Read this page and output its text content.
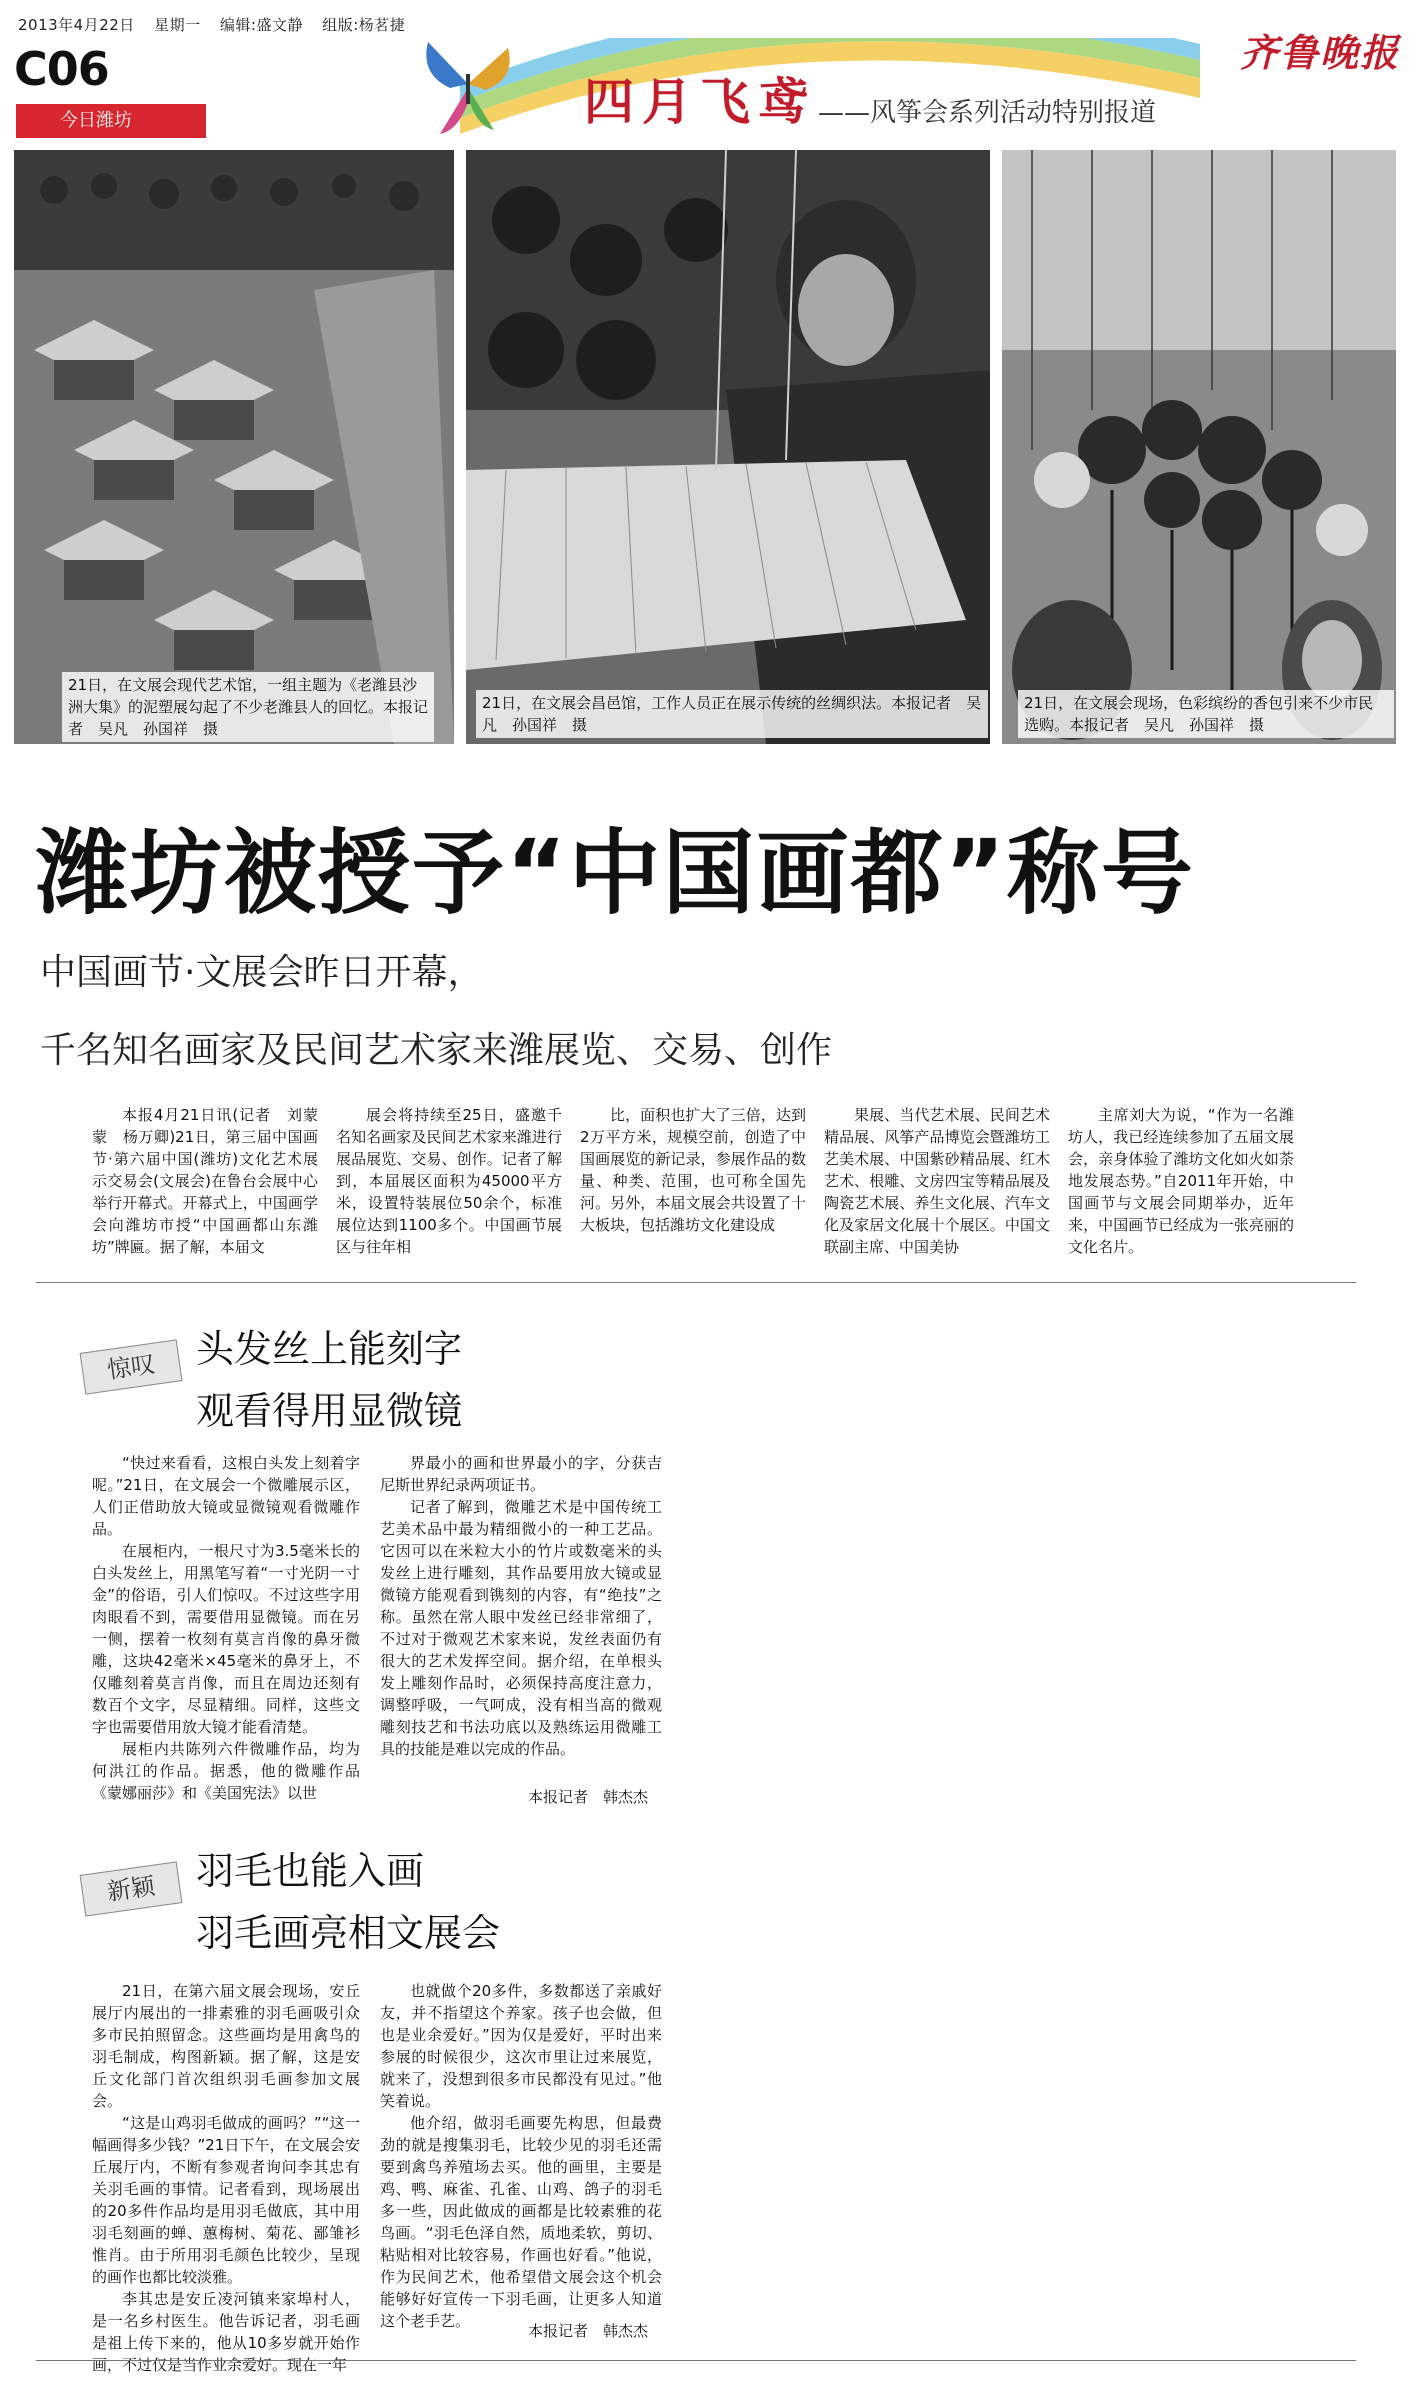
2013年4月22日 星期一 编辑:盛文静 组版:杨茗捷
C06
今日潍坊	四月飞鸢 ——风筝会系列活动特别报道
齐鲁晚报
21日，在文展会现代艺术馆，一组主题为《老潍县沙洲大集》的泥塑展勾起了不少老潍县人的回忆。本报记者　吴凡　孙国祥　摄
21日，在文展会昌邑馆，工作人员正在展示传统的丝绸织法。本报记者　吴凡　孙国祥　摄
21日，在文展会现场，色彩缤纷的香包引来不少市民选购。本报记者　吴凡　孙国祥　摄
潍坊被授予“中国画都”称号
中国画节·文展会昨日开幕，
千名知名画家及民间艺术家来潍展览、交易、创作

本报4月21日讯(记者　刘蒙蒙　杨万卿)21日，第三届中国画节·第六届中国(潍坊)文化艺术展示交易会(文展会)在鲁台会展中心举行开幕式。开幕式上，中国画学会向潍坊市授“中国画都山东潍坊”牌匾。据了解，本届文

展会将持续至25日，盛邀千名知名画家及民间艺术家来潍进行展品展览、交易、创作。记者了解到，本届展区面积为45000平方米，设置特装展位50余个，标准展位达到1100多个。中国画节展区与往年相

比，面积也扩大了三倍，达到2万平方米，规模空前，创造了中国画展览的新记录，参展作品的数量、种类、范围，也可称全国先河。另外，本届文展会共设置了十大板块，包括潍坊文化建设成

果展、当代艺术展、民间艺术精品展、风筝产品博览会暨潍坊工艺美术展、中国紫砂精品展、红木艺术、根雕、文房四宝等精品展及陶瓷艺术展、养生文化展、汽车文化及家居文化展十个展区。中国文联副主席、中国美协

主席刘大为说，“作为一名潍坊人，我已经连续参加了五届文展会，亲身体验了潍坊文化如火如荼地发展态势。”自2011年开始，中国画节与文展会同期举办，近年来，中国画节已经成为一张亮丽的文化名片。

惊叹	头发丝上能刻字
观看得用显微镜

“快过来看看，这根白头发上刻着字呢。”21日，在文展会一个微雕展示区，人们正借助放大镜或显微镜观看微雕作品。

在展柜内，一根尺寸为3.5毫米长的白头发丝上，用黑笔写着“一寸光阴一寸金”的俗语，引人们惊叹。不过这些字用肉眼看不到，需要借用显微镜。而在另一侧，摆着一枚刻有莫言肖像的鼻牙微雕，这块42毫米×45毫米的鼻牙上，不仅雕刻着莫言肖像，而且在周边还刻有数百个文字，尽显精细。同样，这些文字也需要借用放大镜才能看清楚。

展柜内共陈列六件微雕作品，均为何洪江的作品。据悉，他的微雕作品《蒙娜丽莎》和《美国宪法》以世

界最小的画和世界最小的字，分获吉尼斯世界纪录两项证书。

记者了解到，微雕艺术是中国传统工艺美术品中最为精细微小的一种工艺品。它因可以在米粒大小的竹片或数毫米的头发丝上进行雕刻，其作品要用放大镜或显微镜方能观看到镌刻的内容，有“绝技”之称。虽然在常人眼中发丝已经非常细了，不过对于微观艺术家来说，发丝表面仍有很大的艺术发挥空间。据介绍，在单根头发上雕刻作品时，必须保持高度注意力，调整呼吸，一气呵成，没有相当高的微观雕刻技艺和书法功底以及熟练运用微雕工具的技能是难以完成的作品。

本报记者　韩杰杰
新颖	羽毛也能入画
羽毛画亮相文展会

21日，在第六届文展会现场，安丘展厅内展出的一排素雅的羽毛画吸引众多市民拍照留念。这些画均是用禽鸟的羽毛制成，构图新颖。据了解，这是安丘文化部门首次组织羽毛画参加文展会。

“这是山鸡羽毛做成的画吗？”“这一幅画得多少钱？”21日下午，在文展会安丘展厅内，不断有参观者询问李其忠有关羽毛画的事情。记者看到，现场展出的20多件作品均是用羽毛做底，其中用羽毛刻画的蝉、蕙梅树、菊花、鄙雏衫惟肖。由于所用羽毛颜色比较少，呈现的画作也都比较淡雅。

李其忠是安丘凌河镇来家埠村人，是一名乡村医生。他告诉记者，羽毛画是祖上传下来的，他从10多岁就开始作画，不过仅是当作业余爱好。现在一年

也就做个20多件，多数都送了亲戚好友，并不指望这个养家。孩子也会做，但也是业余爱好。”因为仅是爱好，平时出来参展的时候很少，这次市里让过来展览，就来了，没想到很多市民都没有见过。”他笑着说。

他介绍，做羽毛画要先构思，但最费劲的就是搜集羽毛，比较少见的羽毛还需要到禽鸟养殖场去买。他的画里，主要是鸡、鸭、麻雀、孔雀、山鸡、鸽子的羽毛多一些，因此做成的画都是比较素雅的花鸟画。“羽毛色泽自然，质地柔软，剪切、粘贴相对比较容易，作画也好看。”他说，作为民间艺术，他希望借文展会这个机会能够好好宣传一下羽毛画，让更多人知道这个老手艺。

本报记者　韩杰杰
